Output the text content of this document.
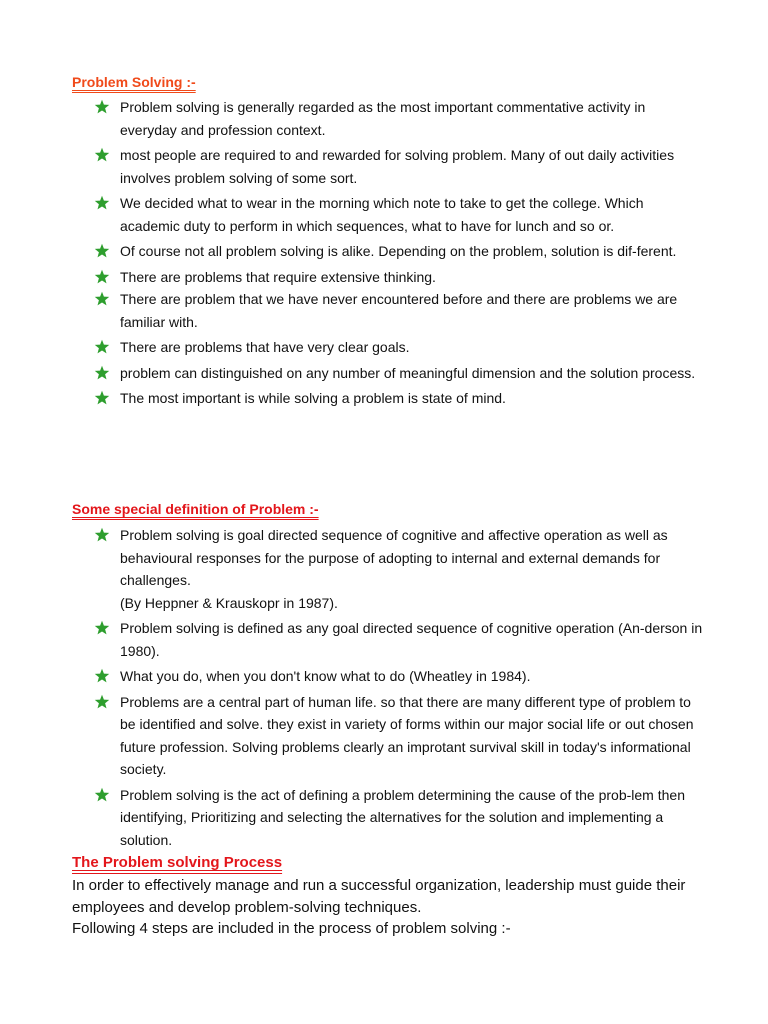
Problem Solving :-
Problem solving is generally regarded as the most important commentative activity in everyday and profession context.
most people are required to and rewarded for solving problem. Many of out daily activities involves problem solving of some sort.
We decided what to wear in the morning which note to take to get the college. Which academic duty to perform in which sequences, what to have for lunch and so or.
Of course not all problem solving is alike. Depending on the problem, solution is dif-ferent.
There are problems that require extensive thinking.
There are problem that we have never encountered before and there are problems we are familiar with.
There are problems that have very clear goals.
problem can distinguished on any number of meaningful dimension and the solution process.
The most important is while solving a problem is state of mind.
Some special definition of Problem :-
Problem solving is goal directed sequence of cognitive and affective operation as well as behavioural responses for the purpose of adopting to internal and external demands for challenges.
(By Heppner & Krauskopr in 1987).
Problem solving is defined as any goal directed sequence of cognitive operation (An-derson in 1980).
What you do, when you don't know what to do (Wheatley in 1984).
Problems are a central part of human life. so that there are many different type of problem to be identified and solve. they exist in variety of forms within our major social life or out chosen future profession. Solving problems clearly an improtant survival skill in today's informational society.
Problem solving is the act of defining a problem determining the cause of the prob-lem then identifying, Prioritizing and selecting the alternatives for the solution and implementing a solution.
The Problem solving Process
In order to effectively manage and run a successful organization, leadership must guide their employees and develop problem-solving techniques.
Following 4 steps are included in the process of problem solving :-
